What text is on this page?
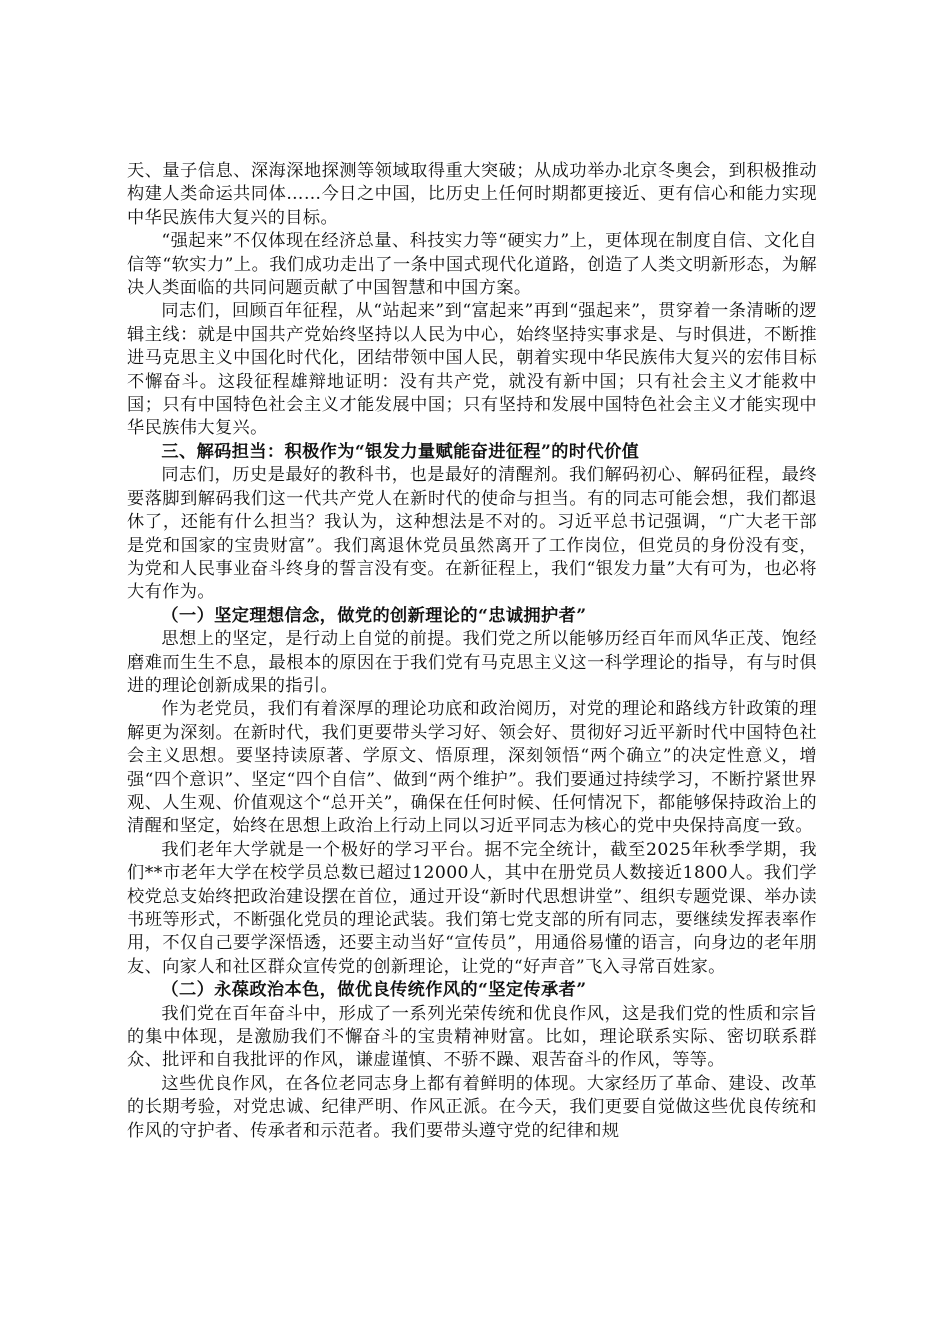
天、量子信息、深海深地探测等领域取得重大突破；从成功举办北京冬奥会，到积极推动构建人类命运共同体……今日之中国，比历史上任何时期都更接近、更有信心和能力实现中华民族伟大复兴的目标。

“强起来”不仅体现在经济总量、科技实力等“硬实力”上，更体现在制度自信、文化自信等“软实力”上。我们成功走出了一条中国式现代化道路，创造了人类文明新形态，为解决人类面临的共同问题贡献了中国智慧和中国方案。

同志们，回顾百年征程，从“站起来”到“富起来”再到“强起来”，贯穿着一条清晰的逻辑主线：就是中国共产党始终坚持以人民为中心，始终坚持实事求是、与时俱进，不断推进马克思主义中国化时代化，团结带领中国人民，朝着实现中华民族伟大复兴的宏伟目标不懈奋斗。这段征程雄辩地证明：没有共产党，就没有新中国；只有社会主义才能救中国；只有中国特色社会主义才能发展中国；只有坚持和发展中国特色社会主义才能实现中华民族伟大复兴。

三、解码担当：积极作为“银发力量赋能奋进征程”的时代价值

同志们，历史是最好的教科书，也是最好的清醒剂。我们解码初心、解码征程，最终要落脚到解码我们这一代共产党人在新时代的使命与担当。有的同志可能会想，我们都退休了，还能有什么担当？我认为，这种想法是不对的。习近平总书记强调，“广大老干部是党和国家的宝贵财富”。我们离退休党员虽然离开了工作岗位，但党员的身份没有变，为党和人民事业奋斗终身的誓言没有变。在新征程上，我们“银发力量”大有可为，也必将大有作为。

（一）坚定理想信念，做党的创新理论的“忠诚拥护者”

思想上的坚定，是行动上自觉的前提。我们党之所以能够历经百年而风华正茂、饱经磨难而生生不息，最根本的原因在于我们党有马克思主义这一科学理论的指导，有与时俱进的理论创新成果的指引。

作为老党员，我们有着深厚的理论功底和政治阅历，对党的理论和路线方针政策的理解更为深刻。在新时代，我们更要带头学习好、领会好、贯彻好习近平新时代中国特色社会主义思想。要坚持读原著、学原文、悟原理，深刻领悟“两个确立”的决定性意义，增强“四个意识”、坚定“四个自信”、做到“两个维护”。我们要通过持续学习，不断拧紧世界观、人生观、价值观这个“总开关”，确保在任何时候、任何情况下，都能够保持政治上的清醒和坚定，始终在思想上政治上行动上同以习近平同志为核心的党中央保持高度一致。

我们老年大学就是一个极好的学习平台。据不完全统计，截至2025年秋季学期，我们**市老年大学在校学员总数已超过12000人，其中在册党员人数接近1800人。我们学校党总支始终把政治建设摆在首位，通过开设“新时代思想讲堂”、组织专题党课、举办读书班等形式，不断强化党员的理论武装。我们第七党支部的所有同志，要继续发挥表率作用，不仅自己要学深悟透，还要主动当好“宣传员”，用通俗易懂的语言，向身边的老年朋友、向家人和社区群众宣传党的创新理论，让党的“好声音”飞入寻常百姓家。

（二）永葆政治本色，做优良传统作风的“坚定传承者”

我们党在百年奋斗中，形成了一系列光荣传统和优良作风，这是我们党的性质和宗旨的集中体现，是激励我们不懈奋斗的宝贵精神财富。比如，理论联系实际、密切联系群众、批评和自我批评的作风，谦虚谨慎、不骄不躁、艰苦奋斗的作风，等等。

这些优良作风，在各位老同志身上都有着鲜明的体现。大家经历了革命、建设、改革的长期考验，对党忠诚、纪律严明、作风正派。在今天，我们更要自觉做这些优良传统和作风的守护者、传承者和示范者。我们要带头遵守党的纪律和规
